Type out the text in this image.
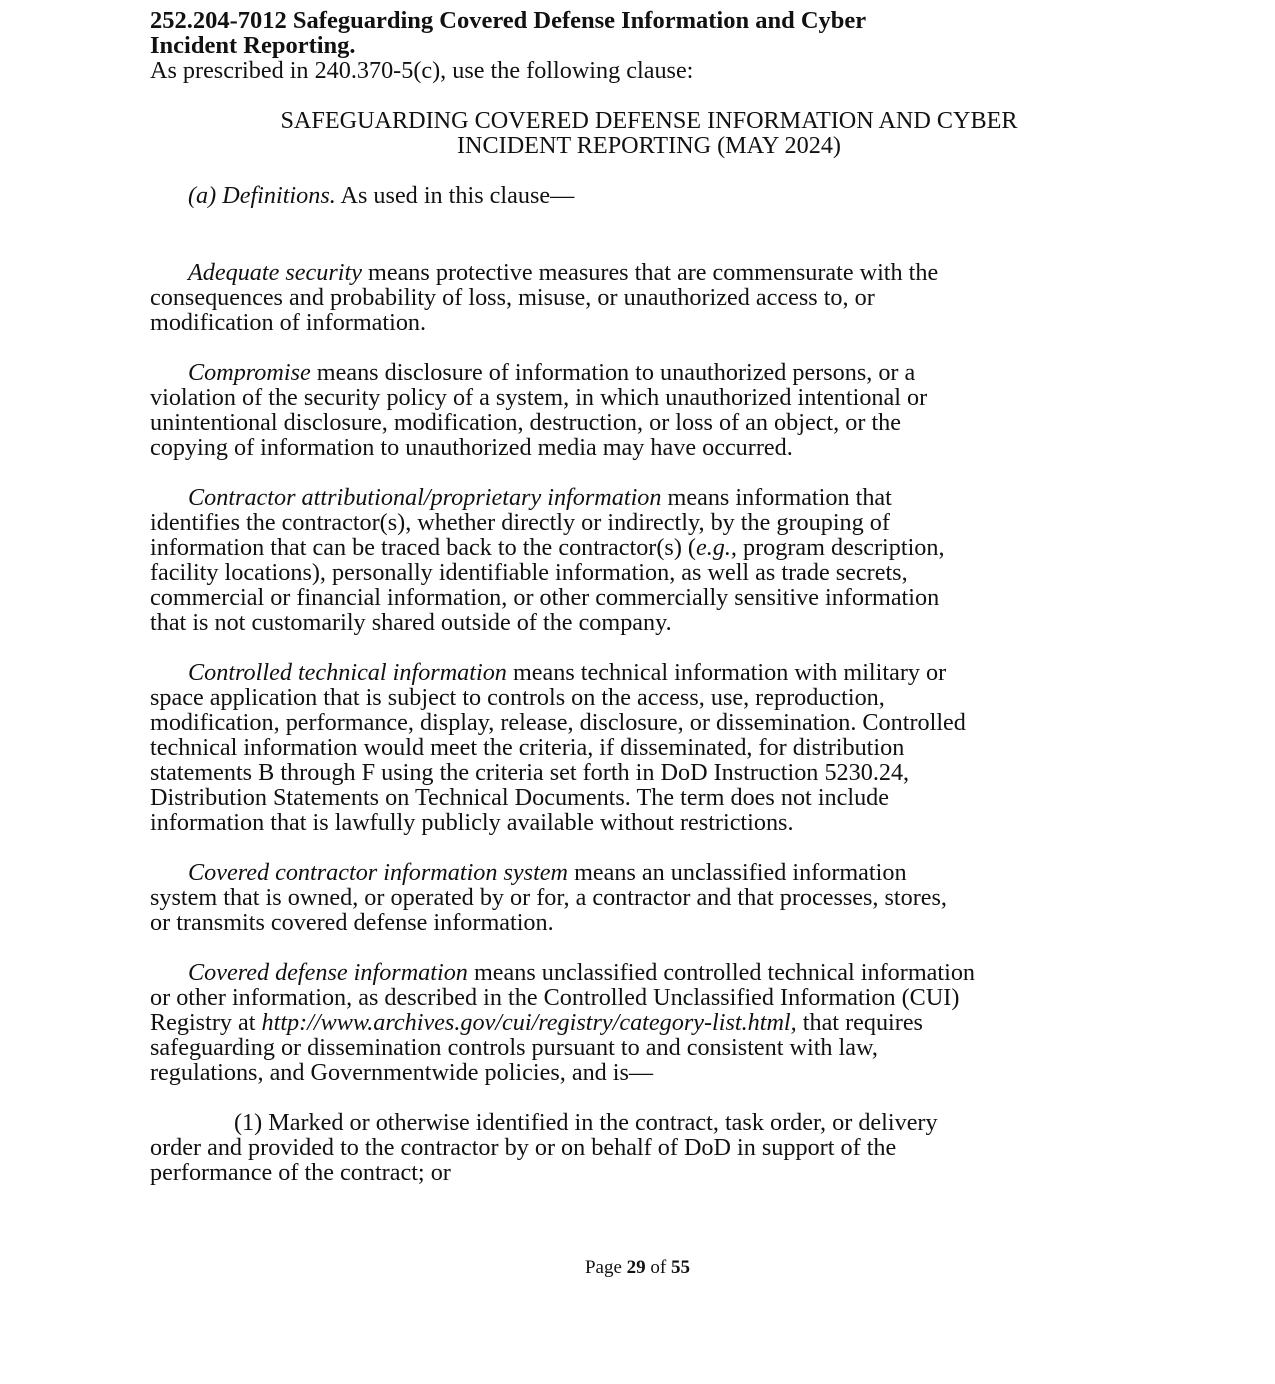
252.204-7012 Safeguarding Covered Defense Information and Cyber
Incident Reporting.

As prescribed in 240.370-5(c), use the following clause:

SAFEGUARDING COVERED DEFENSE INFORMATION AND CYBER
INCIDENT REPORTING (MAY 2024)

(a) Definitions. As used in this clause—

Adequate security means protective measures that are commensurate with the
consequences and probability of loss, misuse, or unauthorized access to, or
modification of information.
Compromise means disclosure of information to unauthorized persons, or a
violation of the security policy of a system, in which unauthorized intentional or
unintentional disclosure, modification, destruction, or loss of an object, or the
copying of information to unauthorized media may have occurred.
Contractor attributional/proprietary information means information that
identifies the contractor(s), whether directly or indirectly, by the grouping of
information that can be traced back to the contractor(s) (e.g., program description,
facility locations), personally identifiable information, as well as trade secrets,
commercial or financial information, or other commercially sensitive information
that is not customarily shared outside of the company.
Controlled technical information means technical information with military or
space application that is subject to controls on the access, use, reproduction,
modification, performance, display, release, disclosure, or dissemination. Controlled
technical information would meet the criteria, if disseminated, for distribution
statements B through F using the criteria set forth in DoD Instruction 5230.24,
Distribution Statements on Technical Documents. The term does not include
information that is lawfully publicly available without restrictions.
Covered contractor information system means an unclassified information
system that is owned, or operated by or for, a contractor and that processes, stores,
or transmits covered defense information.
Covered defense information means unclassified controlled technical information
or other information, as described in the Controlled Unclassified Information (CUI)
Registry at http://www.archives.gov/cui/registry/category-list.html, that requires
safeguarding or dissemination controls pursuant to and consistent with law,
regulations, and Governmentwide policies, and is—
(1) Marked or otherwise identified in the contract, task order, or delivery
order and provided to the contractor by or on behalf of DoD in support of the
performance of the contract; or
Page 29 of 55
